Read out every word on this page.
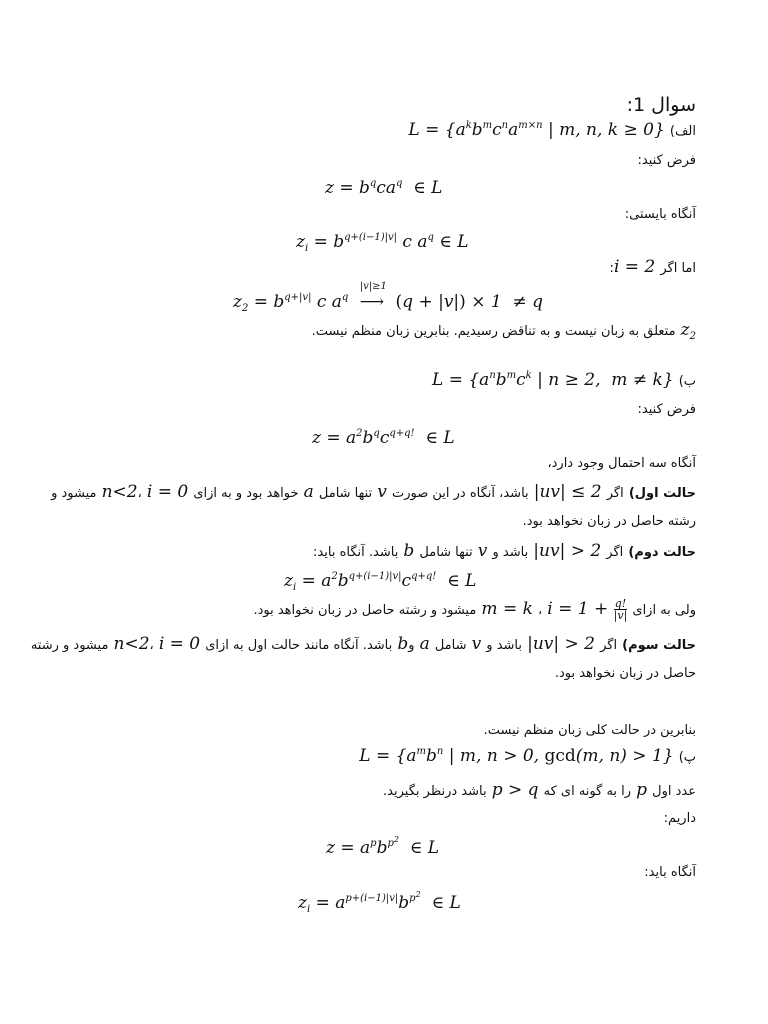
سوال 1:
الف) $L = \{a^kb^mc^na^{m\times n}$ | m, n, k ≥ 0}
فرض کنید:
$z = b^qca^q$  ∈ L
آنگاه بایستی:
$z_i = b^{q+(i-1)|v|}$ c $a^q$ ∈ L
اما اگر i = 2:
$z_2 = b^{q+|v|}$ c $a^q$
|v|≥1
⟶ (q + |v|) × 1  ≠ q
$z_2$ متعلق به زبان نیست و به تناقض رسیدیم. بنابرین زبان منظم نیست.
ب) $L = \{a^nb^mc^k$ | n ≥ 2,  m ≠ k}
فرض کنید:
$z = a^2b^qc^{q+q!}$  ∈ L
آنگاه سه احتمال وجود دارد،
حالت اول) اگر |uv| ≤ 2 باشد، آنگاه در این صورت v تنها شامل a خواهد بود و به ازای i = 0 ،n<2 میشود و
رشته حاصل در زبان نخواهد بود.
حالت دوم) اگر |uv| > 2 باشد و v تنها شامل b باشد. آنگاه باید:
$z_i = a^2b^{q+(i-1)|v|}c^{q+q!}$  ∈ L
ولی به ازای $i = 1 + \frac{q!}{|v|}$
، m = k میشود و رشته حاصل در زبان نخواهد بود.
حالت سوم) اگر |uv| > 2 باشد و v شامل a وb باشد. آنگاه مانند حالت اول به ازای i = 0 ،n<2 میشود و رشته
حاصل در زبان نخواهد بود.
بنابرین در حالت کلی زبان منظم نیست.
پ) $L = \{a^mb^n$ | m, n > 0, gcd(m, n) > 1}
عدد اول p را به گونه ای که p > q باشد درنظر بگیرید.
داریم:
$z = a^pb^{p^2}$  ∈ L
آنگاه باید:
$z_i = a^{p+(i-1)|v|}b^{p^2}$  ∈ L
